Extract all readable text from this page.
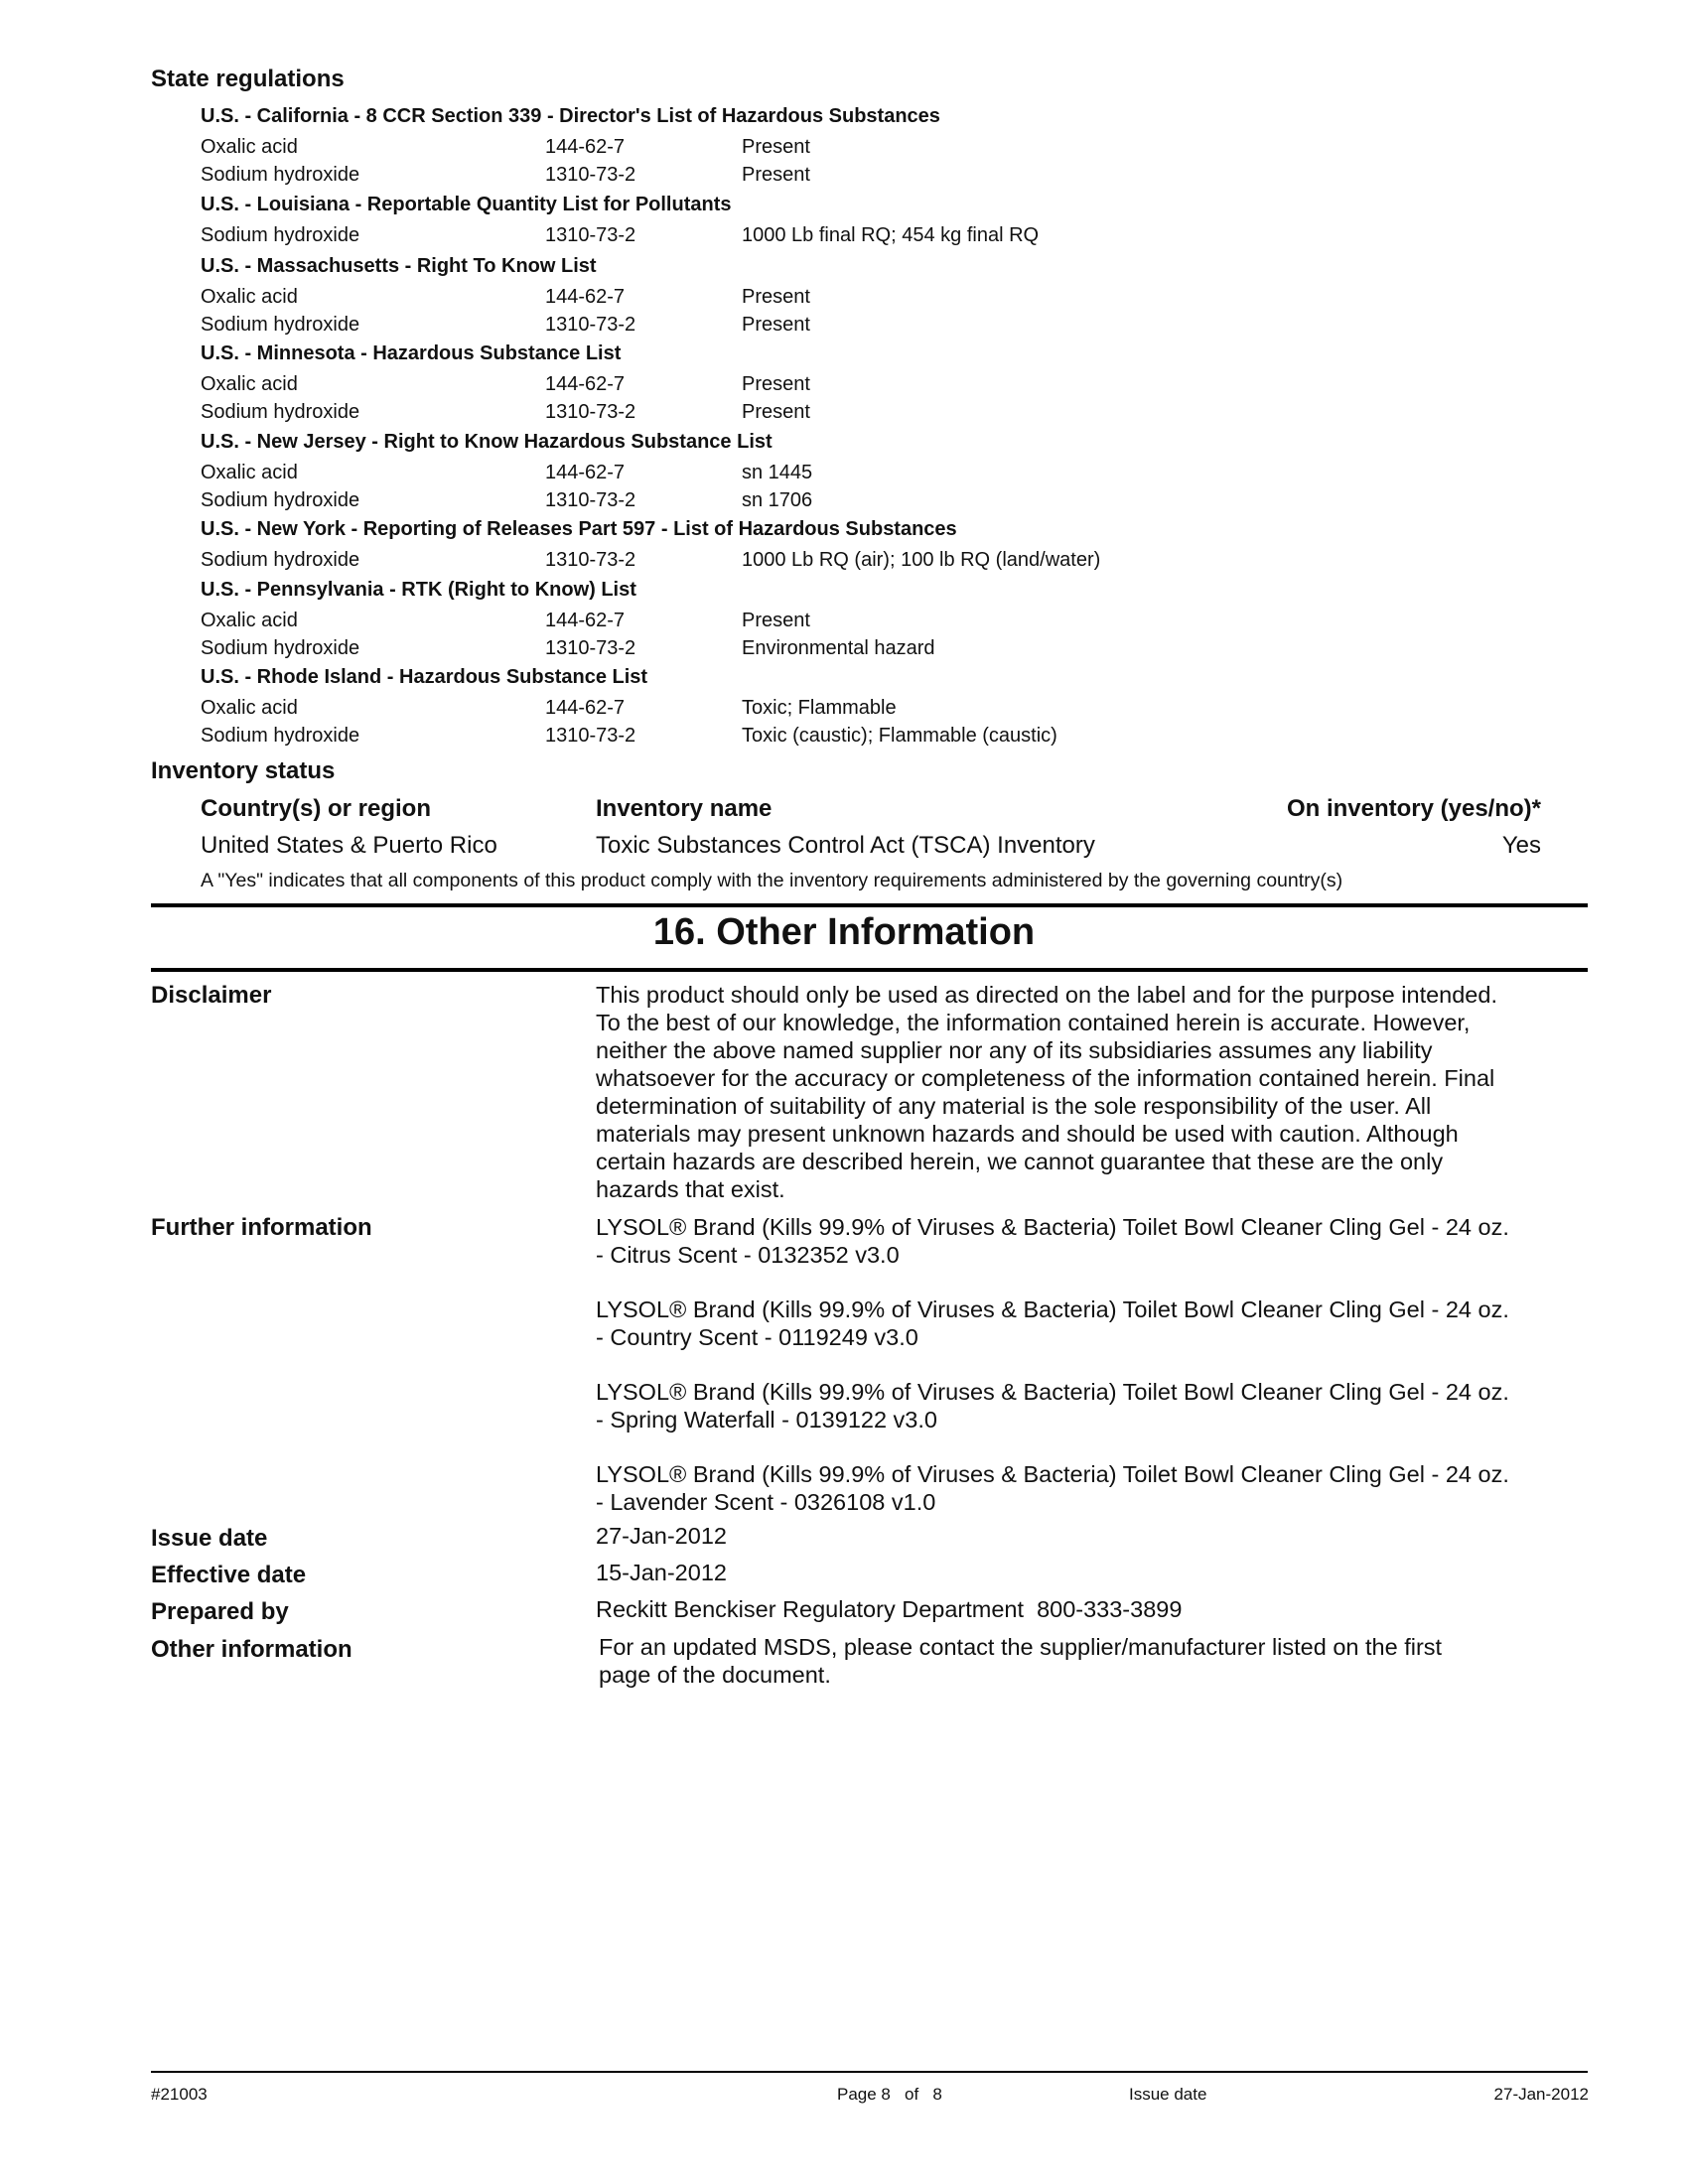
State regulations
U.S. - California - 8 CCR Section 339 - Director's List of Hazardous Substances
Oxalic acid	144-62-7	Present
Sodium hydroxide	1310-73-2	Present
U.S. - Louisiana - Reportable Quantity List for Pollutants
Sodium hydroxide	1310-73-2	1000 Lb final RQ; 454 kg final RQ
U.S. - Massachusetts - Right To Know List
Oxalic acid	144-62-7	Present
Sodium hydroxide	1310-73-2	Present
U.S. - Minnesota - Hazardous Substance List
Oxalic acid	144-62-7	Present
Sodium hydroxide	1310-73-2	Present
U.S. - New Jersey - Right to Know Hazardous Substance List
Oxalic acid	144-62-7	sn 1445
Sodium hydroxide	1310-73-2	sn 1706
U.S. - New York - Reporting of Releases Part 597 - List of Hazardous Substances
Sodium hydroxide	1310-73-2	1000 Lb RQ (air); 100 lb RQ (land/water)
U.S. - Pennsylvania - RTK (Right to Know) List
Oxalic acid	144-62-7	Present
Sodium hydroxide	1310-73-2	Environmental hazard
U.S. - Rhode Island - Hazardous Substance List
Oxalic acid	144-62-7	Toxic; Flammable
Sodium hydroxide	1310-73-2	Toxic (caustic); Flammable (caustic)
Inventory status
Country(s) or region	Inventory name	On inventory (yes/no)*
United States & Puerto Rico	Toxic Substances Control Act (TSCA) Inventory	Yes
A "Yes" indicates that all components of this product comply with the inventory requirements administered by the governing country(s)
16. Other Information
Disclaimer	This product should only be used as directed on the label and for the purpose intended.
To the best of our knowledge, the information contained herein is accurate. However,
neither the above named supplier nor any of its subsidiaries assumes any liability
whatsoever for the accuracy or completeness of the information contained herein. Final
determination of suitability of any material is the sole responsibility of the user. All
materials may present unknown hazards and should be used with caution. Although
certain hazards are described herein, we cannot guarantee that these are the only
hazards that exist.
Further information	LYSOL® Brand (Kills 99.9% of Viruses & Bacteria) Toilet Bowl Cleaner Cling Gel - 24 oz.
- Citrus Scent - 0132352 v3.0
LYSOL® Brand (Kills 99.9% of Viruses & Bacteria) Toilet Bowl Cleaner Cling Gel - 24 oz.
- Country Scent - 0119249 v3.0
LYSOL® Brand (Kills 99.9% of Viruses & Bacteria) Toilet Bowl Cleaner Cling Gel - 24 oz.
- Spring Waterfall - 0139122 v3.0
LYSOL® Brand (Kills 99.9% of Viruses & Bacteria) Toilet Bowl Cleaner Cling Gel - 24 oz.
- Lavender Scent - 0326108 v1.0
Issue date	27-Jan-2012
Effective date	15-Jan-2012
Prepared by	Reckitt Benckiser Regulatory Department  800-333-3899
Other information	For an updated MSDS, please contact the supplier/manufacturer listed on the first
page of the document.
#21003	Page 8   of   8	Issue date	27-Jan-2012
